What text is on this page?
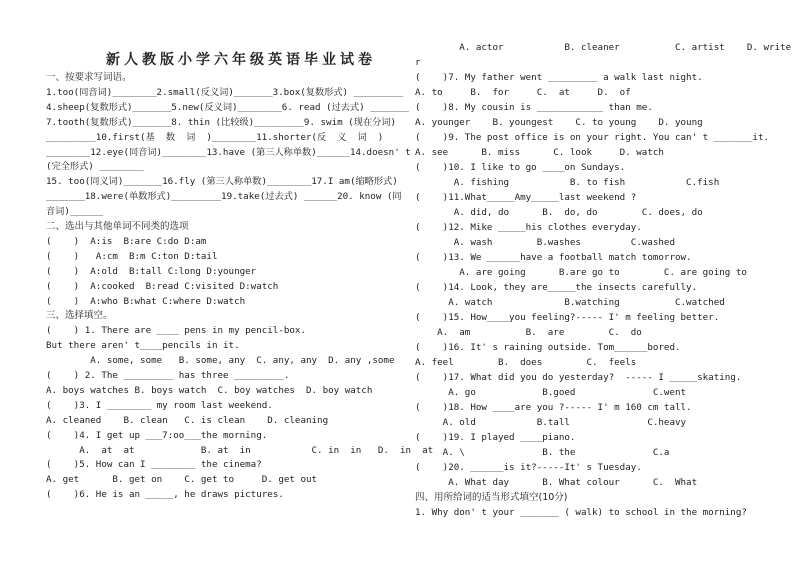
新人教版小学六年级英语毕业试卷
一、按要求写词语。
1.too(同音词)________2.small(反义词)_______3.box(复数形式) _________
4.sheep(复数形式)_______5.new(反义词)________6. read (过去式) _______
7.tooth(复数形式)_______8. thin (比较级)_________9. swim (现在分词)
_________10.first(基  数  词  )________11.shorter(反  义  词  )
________12.eye(同音词)________13.have (第三人称单数)______14.doesn' t
(完全形式) ________
15. too(同义词)_______16.fly (第三人称单数)________17.I am(缩略形式)
_______18.were(单数形式)_________19.take(过去式) ______20. know (同
音词)______
二、选出与其他单词不同类的选项
(    )  A:is  B:are C:do D:am
(    )   A:cm  B:m C:ton D:tail
(    )  A:old  B:tall C:long D:younger
(    )  A:cooked  B:read C:visited D:watch
(    )  A:who B:what C:where D:watch
三、选择填空。
(    ) 1. There are ____ pens in my pencil-box.
But there aren' t____pencils in it.
A. some, some   B. some, any  C. any, any  D. any ,some
(    ) 2. The _________ has three _________.
A. boys watches B. boys watch  C. boy watches  D. boy watch
(    )3. I ________ my room last weekend.
A. cleaned    B. clean   C. is clean    D. cleaning
(    )4. I get up ___7:oo___the morning.
A.  at  at            B. at  in           C. in  in   D.  in  at
(    )5. How can I ________ the cinema?
A. get      B. get on    C. get to     D. get out
(    )6. He is an _____, he draws pictures.
A. actor           B. cleaner          C. artist    D. write
r
(    )7. My father went _________ a walk last night.
A. to     B.  for     C.  at     D.  of
(    )8. My cousin is ____________ than me.
A. younger    B. youngest    C. to young    D. young
(    )9. The post office is on your right. You can' t _______it.
A. see      B. miss      C. look     D. watch
(    )10. I like to go ____on Sundays.
A. fishing           B. to fish           C.fish
(    )11.What_____Amy_____last weekend ?
A. did, do      B.  do, do        C. does, do
(    )12. Mike _____his clothes everyday.
A. wash        B.washes         C.washed
(    )13. We ______have a football match tomorrow.
A. are going      B.are go to        C. are going to
(    )14. Look, they are_____the insects carefully.
A. watch             B.watching          C.watched
(    )15. How____you feeling?----- I' m feeling better.
A.  am          B.  are        C.  do
(    )16. It' s raining outside. Tom______bored.
A. feel        B.  does        C.  feels
(    )17. What did you do yesterday?  ----- I _____skating.
A. go            B.goed              C.went
(    )18. How ____are you ?----- I' m 160 cm tall.
A. old           B.tall              C.heavy
(    )19. I played ____piano.
A. \              B. the              C.a
(    )20. ______is it?-----It' s Tuesday.
A. What day      B. What colour      C.  What
四、用所给词的适当形式填空(10分)
1. Why don' t your _______ ( walk) to school in the morning?
